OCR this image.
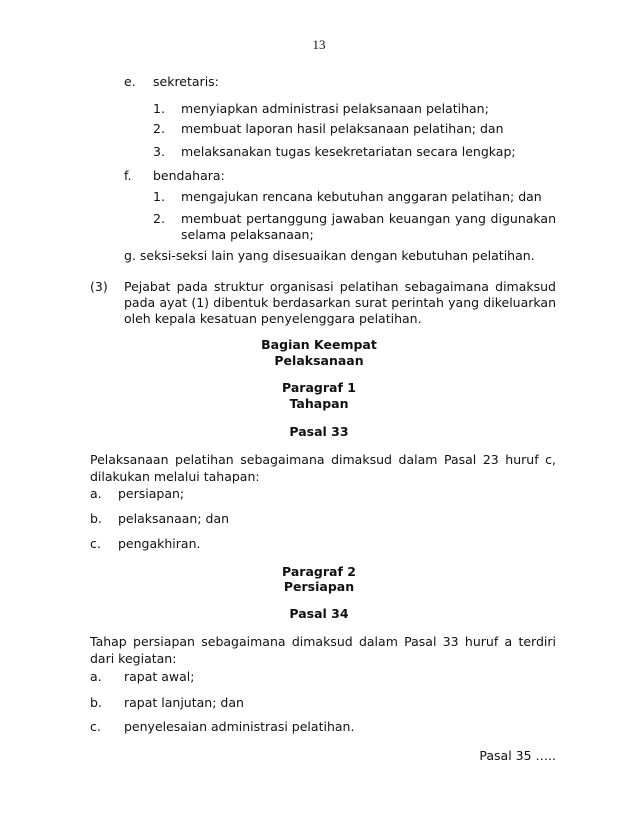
13
e. sekretaris:
1. menyiapkan administrasi pelaksanaan pelatihan;
2. membuat laporan hasil pelaksanaan pelatihan; dan
3. melaksanakan tugas kesekretariatan secara lengkap;
f. bendahara:
1. mengajukan rencana kebutuhan anggaran pelatihan; dan
2. membuat pertanggung jawaban keuangan yang digunakan selama pelaksanaan;
g. seksi-seksi lain yang disesuaikan dengan kebutuhan pelatihan.
(3) Pejabat pada struktur organisasi pelatihan sebagaimana dimaksud pada ayat (1) dibentuk berdasarkan surat perintah yang dikeluarkan oleh kepala kesatuan penyelenggara pelatihan.
Bagian Keempat
Pelaksanaan
Paragraf 1
Tahapan
Pasal 33
Pelaksanaan pelatihan sebagaimana dimaksud dalam Pasal 23 huruf c, dilakukan melalui tahapan:
a. persiapan;
b. pelaksanaan; dan
c. pengakhiran.
Paragraf 2
Persiapan
Pasal 34
Tahap persiapan sebagaimana dimaksud dalam Pasal 33 huruf a terdiri dari kegiatan:
a. rapat awal;
b. rapat lanjutan; dan
c. penyelesaian administrasi pelatihan.
Pasal 35 …..
